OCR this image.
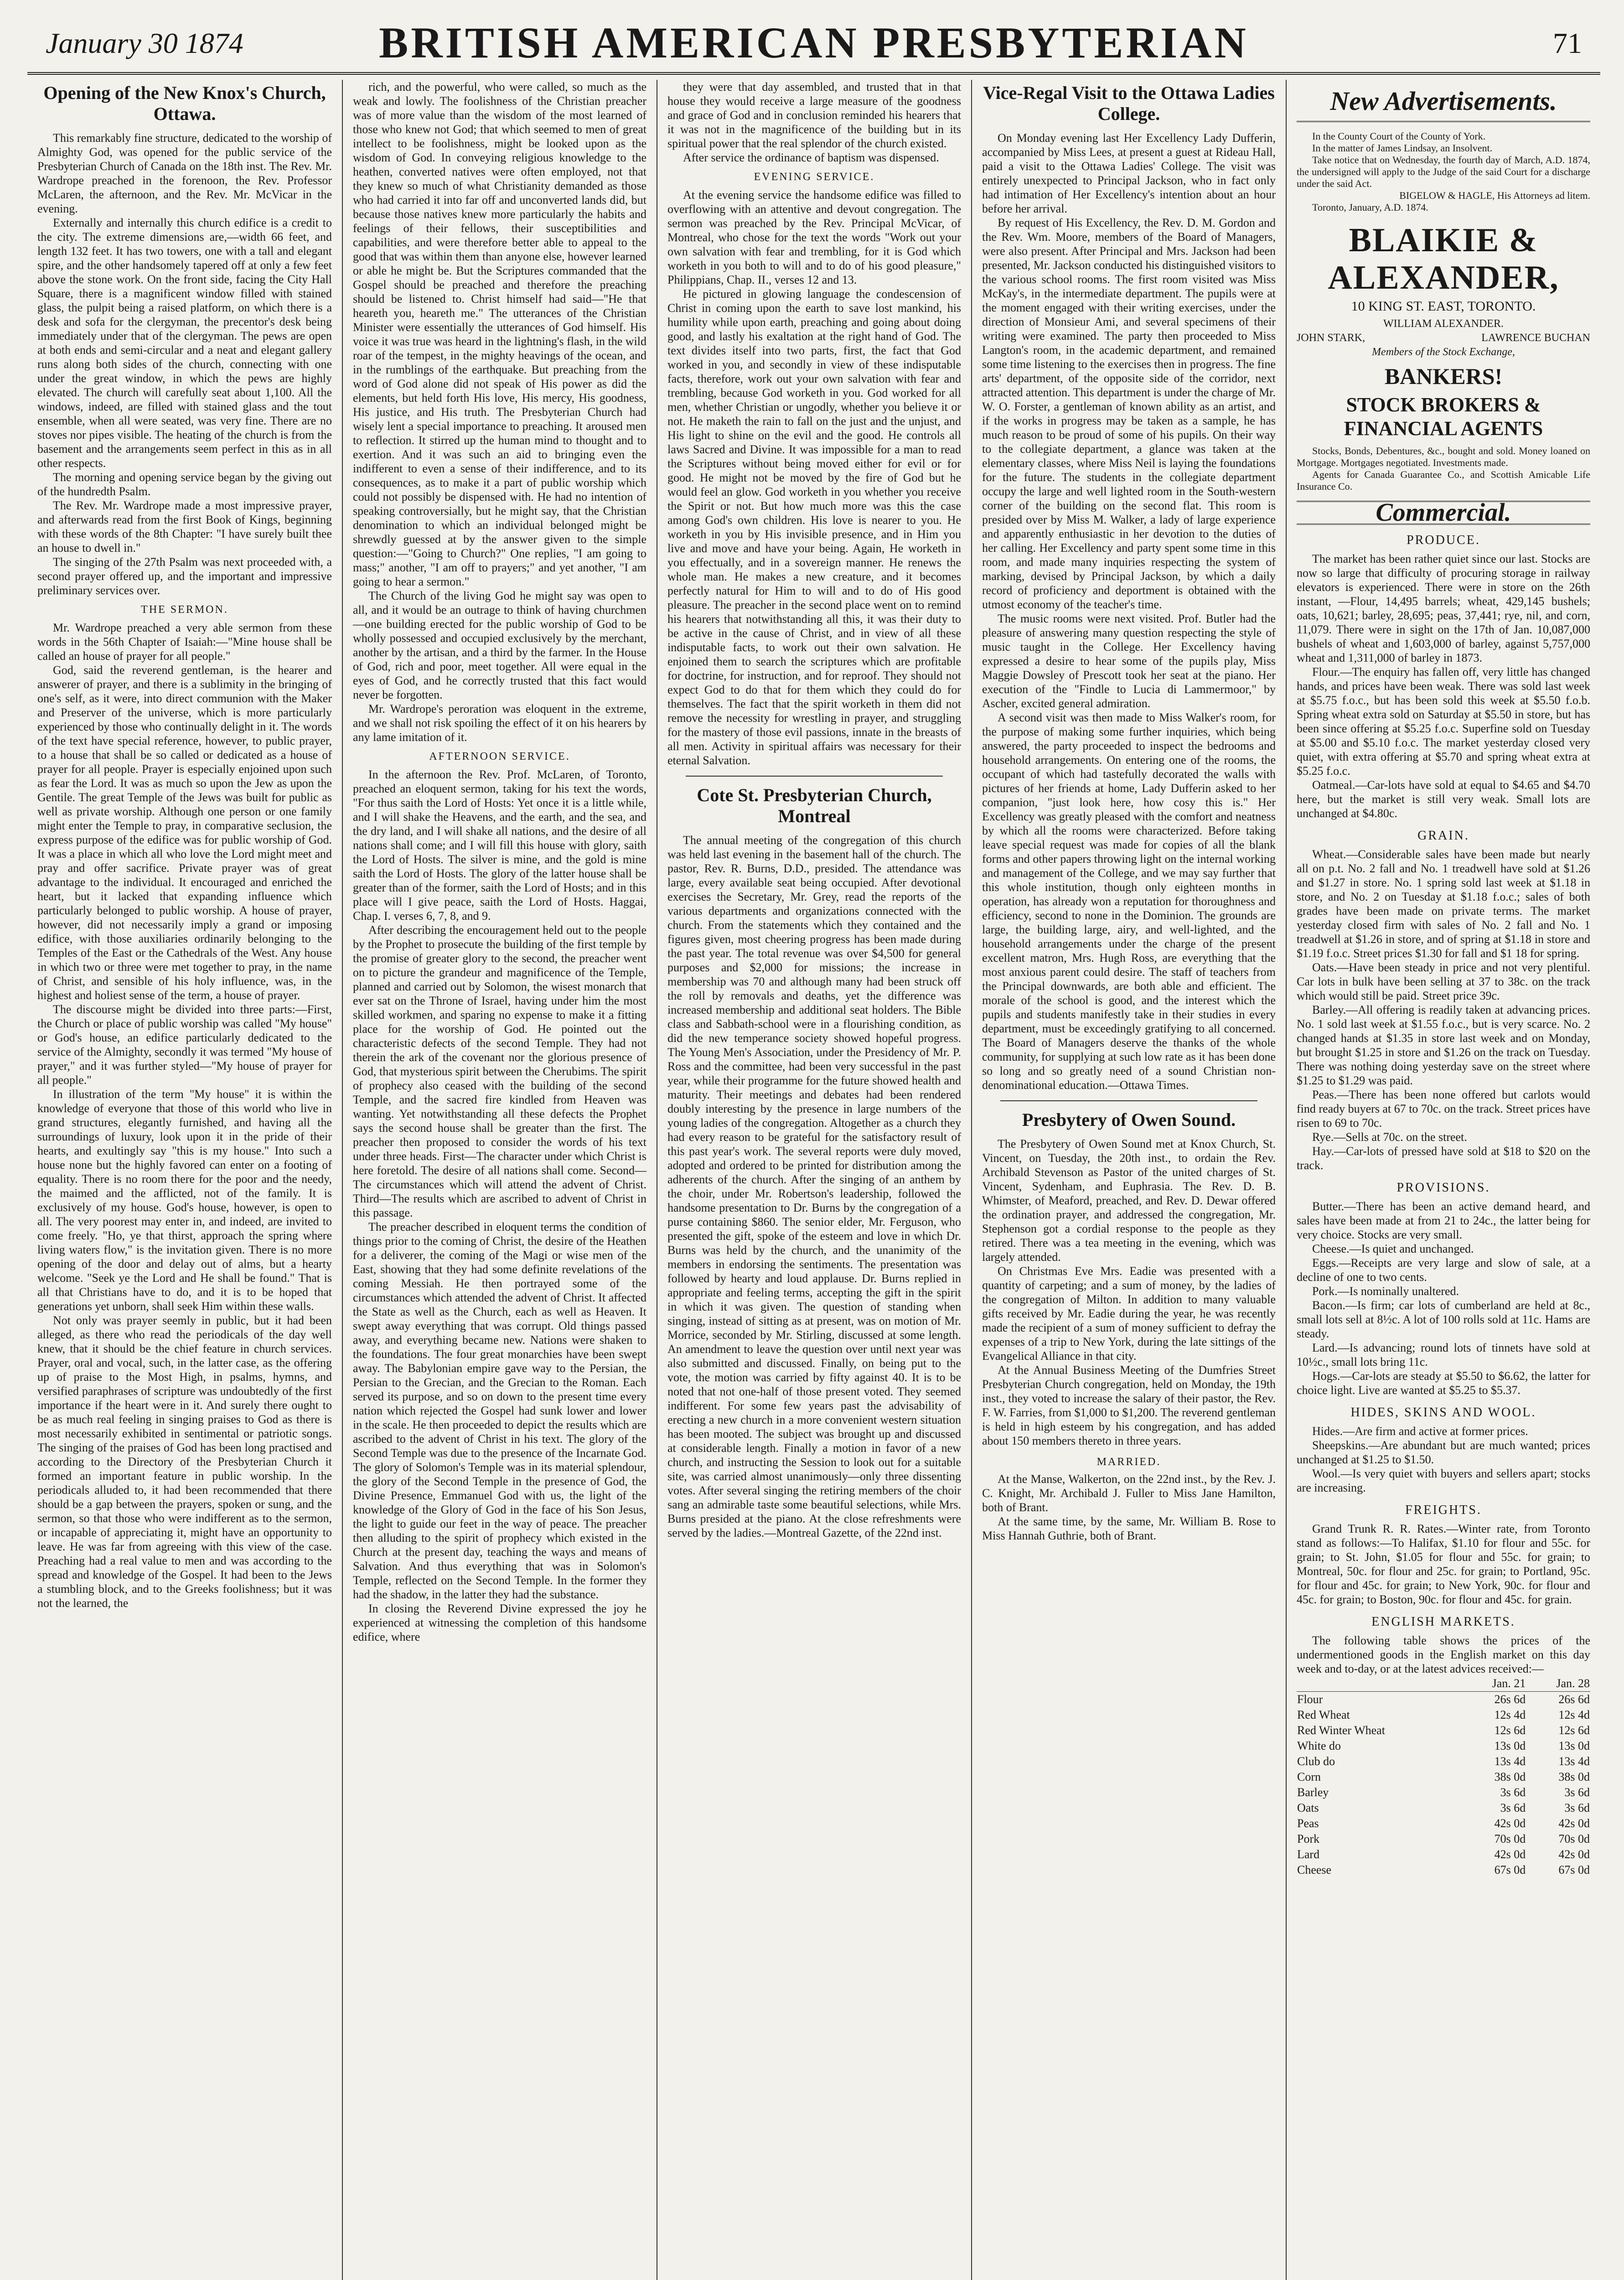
January 30 1874	BRITISH AMERICAN PRESBYTERIAN	71
Opening of the New Knox's Church, Ottawa.

This remarkably fine structure, dedicated to the worship of Almighty God, was opened for the public service of the Presbyterian Church of Canada on the 18th inst. The Rev. Mr. Wardrope preached in the forenoon, the Rev. Professor McLaren, the afternoon, and the Rev. Mr. McVicar in the evening.

Externally and internally this church edifice is a credit to the city. The extreme dimensions are,—width 66 feet, and length 132 feet. It has two towers, one with a tall and elegant spire, and the other handsomely tapered off at only a few feet above the stone work. On the front side, facing the City Hall Square, there is a magnificent window filled with stained glass, the pulpit being a raised platform, on which there is a desk and sofa for the clergyman, the precentor's desk being immediately under that of the clergyman. The pews are open at both ends and semi-circular and a neat and elegant gallery runs along both sides of the church, connecting with one under the great window, in which the pews are highly elevated. The church will carefully seat about 1,100. All the windows, indeed, are filled with stained glass and the tout ensemble, when all were seated, was very fine. There are no stoves nor pipes visible. The heating of the church is from the basement and the arrangements seem perfect in this as in all other respects.

The morning and opening service began by the giving out of the hundredth Psalm.

The Rev. Mr. Wardrope made a most impressive prayer, and afterwards read from the first Book of Kings, beginning with these words of the 8th Chapter: "I have surely built thee an house to dwell in."

The singing of the 27th Psalm was next proceeded with, a second prayer offered up, and the important and impressive preliminary services over.

THE SERMON.

Mr. Wardrope preached a very able sermon from these words in the 56th Chapter of Isaiah:—"Mine house shall be called an house of prayer for all people."

God, said the reverend gentleman, is the hearer and answerer of prayer, and there is a sublimity in the bringing of one's self, as it were, into direct communion with the Maker and Preserver of the universe, which is more particularly experienced by those who continually delight in it. The words of the text have special reference, however, to public prayer, to a house that shall be so called or dedicated as a house of prayer for all people. Prayer is especially enjoined upon such as fear the Lord. It was as much so upon the Jew as upon the Gentile. The great Temple of the Jews was built for public as well as private worship. Although one person or one family might enter the Temple to pray, in comparative seclusion, the express purpose of the edifice was for public worship of God. It was a place in which all who love the Lord might meet and pray and offer sacrifice. Private prayer was of great advantage to the individual. It encouraged and enriched the heart, but it lacked that expanding influence which particularly belonged to public worship. A house of prayer, however, did not necessarily imply a grand or imposing edifice, with those auxiliaries ordinarily belonging to the Temples of the East or the Cathedrals of the West. Any house in which two or three were met together to pray, in the name of Christ, and sensible of his holy influence, was, in the highest and holiest sense of the term, a house of prayer.

The discourse might be divided into three parts:—First, the Church or place of public worship was called "My house" or God's house, an edifice particularly dedicated to the service of the Almighty, secondly it was termed "My house of prayer," and it was further styled—"My house of prayer for all people."

In illustration of the term "My house" it is within the knowledge of everyone that those of this world who live in grand structures, elegantly furnished, and having all the surroundings of luxury, look upon it in the pride of their hearts, and exultingly say "this is my house." Into such a house none but the highly favored can enter on a footing of equality. There is no room there for the poor and the needy, the maimed and the afflicted, not of the family. It is exclusively of my house. God's house, however, is open to all. The very poorest may enter in, and indeed, are invited to come freely. "Ho, ye that thirst, approach the spring where living waters flow," is the invitation given. There is no more opening of the door and delay out of alms, but a hearty welcome. "Seek ye the Lord and He shall be found." That is all that Christians have to do, and it is to be hoped that generations yet unborn, shall seek Him within these walls.

Not only was prayer seemly in public, but it had been alleged, as there who read the periodicals of the day well knew, that it should be the chief feature in church services. Prayer, oral and vocal, such, in the latter case, as the offering up of praise to the Most High, in psalms, hymns, and versified paraphrases of scripture was undoubtedly of the first importance if the heart were in it. And surely there ought to be as much real feeling in singing praises to God as there is most necessarily exhibited in sentimental or patriotic songs. The singing of the praises of God has been long practised and according to the Directory of the Presbyterian Church it formed an important feature in public worship. In the periodicals alluded to, it had been recommended that there should be a gap between the prayers, spoken or sung, and the sermon, so that those who were indifferent as to the sermon, or incapable of appreciating it, might have an opportunity to leave. He was far from agreeing with this view of the case. Preaching had a real value to men and was according to the spread and knowledge of the Gospel. It had been to the Jews a stumbling block, and to the Greeks foolishness; but it was not the learned, the

rich, and the powerful, who were called, so much as the weak and lowly. The foolishness of the Christian preacher was of more value than the wisdom of the most learned of those who knew not God; that which seemed to men of great intellect to be foolishness, might be looked upon as the wisdom of God. In conveying religious knowledge to the heathen, converted natives were often employed, not that they knew so much of what Christianity demanded as those who had carried it into far off and unconverted lands did, but because those natives knew more particularly the habits and feelings of their fellows, their susceptibilities and capabilities, and were therefore better able to appeal to the good that was within them than anyone else, however learned or able he might be. But the Scriptures commanded that the Gospel should be preached and therefore the preaching should be listened to. Christ himself had said—"He that heareth you, heareth me." The utterances of the Christian Minister were essentially the utterances of God himself. His voice it was true was heard in the lightning's flash, in the wild roar of the tempest, in the mighty heavings of the ocean, and in the rumblings of the earthquake. But preaching from the word of God alone did not speak of His power as did the elements, but held forth His love, His mercy, His goodness, His justice, and His truth. The Presbyterian Church had wisely lent a special importance to preaching. It aroused men to reflection. It stirred up the human mind to thought and to exertion. And it was such an aid to bringing even the indifferent to even a sense of their indifference, and to its consequences, as to make it a part of public worship which could not possibly be dispensed with. He had no intention of speaking controversially, but he might say, that the Christian denomination to which an individual belonged might be shrewdly guessed at by the answer given to the simple question:—"Going to Church?" One replies, "I am going to mass;" another, "I am off to prayers;" and yet another, "I am going to hear a sermon."

The Church of the living God he might say was open to all, and it would be an outrage to think of having churchmen—one building erected for the public worship of God to be wholly possessed and occupied exclusively by the merchant, another by the artisan, and a third by the farmer. In the House of God, rich and poor, meet together. All were equal in the eyes of God, and he correctly trusted that this fact would never be forgotten.

Mr. Wardrope's peroration was eloquent in the extreme, and we shall not risk spoiling the effect of it on his hearers by any lame imitation of it.

AFTERNOON SERVICE.

In the afternoon the Rev. Prof. McLaren, of Toronto, preached an eloquent sermon, taking for his text the words, "For thus saith the Lord of Hosts: Yet once it is a little while, and I will shake the Heavens, and the earth, and the sea, and the dry land, and I will shake all nations, and the desire of all nations shall come; and I will fill this house with glory, saith the Lord of Hosts. The silver is mine, and the gold is mine saith the Lord of Hosts. The glory of the latter house shall be greater than of the former, saith the Lord of Hosts; and in this place will I give peace, saith the Lord of Hosts. Haggai, Chap. I. verses 6, 7, 8, and 9.

After describing the encouragement held out to the people by the Prophet to prosecute the building of the first temple by the promise of greater glory to the second, the preacher went on to picture the grandeur and magnificence of the Temple, planned and carried out by Solomon, the wisest monarch that ever sat on the Throne of Israel, having under him the most skilled workmen, and sparing no expense to make it a fitting place for the worship of God. He pointed out the characteristic defects of the second Temple. They had not therein the ark of the covenant nor the glorious presence of God, that mysterious spirit between the Cherubims. The spirit of prophecy also ceased with the building of the second Temple, and the sacred fire kindled from Heaven was wanting. Yet notwithstanding all these defects the Prophet says the second house shall be greater than the first. The preacher then proposed to consider the words of his text under three heads. First—The character under which Christ is here foretold. The desire of all nations shall come. Second—The circumstances which will attend the advent of Christ. Third—The results which are ascribed to advent of Christ in this passage.

The preacher described in eloquent terms the condition of things prior to the coming of Christ, the desire of the Heathen for a deliverer, the coming of the Magi or wise men of the East, showing that they had some definite revelations of the coming Messiah. He then portrayed some of the circumstances which attended the advent of Christ. It affected the State as well as the Church, each as well as Heaven. It swept away everything that was corrupt. Old things passed away, and everything became new. Nations were shaken to the foundations. The four great monarchies have been swept away. The Babylonian empire gave way to the Persian, the Persian to the Grecian, and the Grecian to the Roman. Each served its purpose, and so on down to the present time every nation which rejected the Gospel had sunk lower and lower in the scale. He then proceeded to depict the results which are ascribed to the advent of Christ in his text. The glory of the Second Temple was due to the presence of the Incarnate God. The glory of Solomon's Temple was in its material splendour, the glory of the Second Temple in the presence of God, the Divine Presence, Emmanuel God with us, the light of the knowledge of the Glory of God in the face of his Son Jesus, the light to guide our feet in the way of peace. The preacher then alluding to the spirit of prophecy which existed in the Church at the present day, teaching the ways and means of Salvation. And thus everything that was in Solomon's Temple, reflected on the Second Temple. In the former they had the shadow, in the latter they had the substance.

In closing the Reverend Divine expressed the joy he experienced at witnessing the completion of this handsome edifice, where

they were that day assembled, and trusted that in that house they would receive a large measure of the goodness and grace of God and in conclusion reminded his hearers that it was not in the magnificence of the building but in its spiritual power that the real splendor of the church existed.

After service the ordinance of baptism was dispensed.

EVENING SERVICE.

At the evening service the handsome edifice was filled to overflowing with an attentive and devout congregation. The sermon was preached by the Rev. Principal McVicar, of Montreal, who chose for the text the words "Work out your own salvation with fear and trembling, for it is God which worketh in you both to will and to do of his good pleasure," Philippians, Chap. II., verses 12 and 13.

He pictured in glowing language the condescension of Christ in coming upon the earth to save lost mankind, his humility while upon earth, preaching and going about doing good, and lastly his exaltation at the right hand of God. The text divides itself into two parts, first, the fact that God worked in you, and secondly in view of these indisputable facts, therefore, work out your own salvation with fear and trembling, because God worketh in you. God worked for all men, whether Christian or ungodly, whether you believe it or not. He maketh the rain to fall on the just and the unjust, and His light to shine on the evil and the good. He controls all laws Sacred and Divine. It was impossible for a man to read the Scriptures without being moved either for evil or for good. He might not be moved by the fire of God but he would feel an glow. God worketh in you whether you receive the Spirit or not. But how much more was this the case among God's own children. His love is nearer to you. He worketh in you by His invisible presence, and in Him you live and move and have your being. Again, He worketh in you effectually, and in a sovereign manner. He renews the whole man. He makes a new creature, and it becomes perfectly natural for Him to will and to do of His good pleasure. The preacher in the second place went on to remind his hearers that notwithstanding all this, it was their duty to be active in the cause of Christ, and in view of all these indisputable facts, to work out their own salvation. He enjoined them to search the scriptures which are profitable for doctrine, for instruction, and for reproof. They should not expect God to do that for them which they could do for themselves. The fact that the spirit worketh in them did not remove the necessity for wrestling in prayer, and struggling for the mastery of those evil passions, innate in the breasts of all men. Activity in spiritual affairs was necessary for their eternal Salvation.

Cote St. Presbyterian Church, Montreal

The annual meeting of the congregation of this church was held last evening in the basement hall of the church. The pastor, Rev. R. Burns, D.D., presided. The attendance was large, every available seat being occupied. After devotional exercises the Secretary, Mr. Grey, read the reports of the various departments and organizations connected with the church. From the statements which they contained and the figures given, most cheering progress has been made during the past year. The total revenue was over $4,500 for general purposes and $2,000 for missions; the increase in membership was 70 and although many had been struck off the roll by removals and deaths, yet the difference was increased membership and additional seat holders. The Bible class and Sabbath-school were in a flourishing condition, as did the new temperance society showed hopeful progress. The Young Men's Association, under the Presidency of Mr. P. Ross and the committee, had been very successful in the past year, while their programme for the future showed health and maturity. Their meetings and debates had been rendered doubly interesting by the presence in large numbers of the young ladies of the congregation. Altogether as a church they had every reason to be grateful for the satisfactory result of this past year's work. The several reports were duly moved, adopted and ordered to be printed for distribution among the adherents of the church. After the singing of an anthem by the choir, under Mr. Robertson's leadership, followed the handsome presentation to Dr. Burns by the congregation of a purse containing $860. The senior elder, Mr. Ferguson, who presented the gift, spoke of the esteem and love in which Dr. Burns was held by the church, and the unanimity of the members in endorsing the sentiments. The presentation was followed by hearty and loud applause. Dr. Burns replied in appropriate and feeling terms, accepting the gift in the spirit in which it was given. The question of standing when singing, instead of sitting as at present, was on motion of Mr. Morrice, seconded by Mr. Stirling, discussed at some length. An amendment to leave the question over until next year was also submitted and discussed. Finally, on being put to the vote, the motion was carried by fifty against 40. It is to be noted that not one-half of those present voted. They seemed indifferent. For some few years past the advisability of erecting a new church in a more convenient western situation has been mooted. The subject was brought up and discussed at considerable length. Finally a motion in favor of a new church, and instructing the Session to look out for a suitable site, was carried almost unanimously—only three dissenting votes. After several singing the retiring members of the choir sang an admirable taste some beautiful selections, while Mrs. Burns presided at the piano. At the close refreshments were served by the ladies.—Montreal Gazette, of the 22nd inst.

Vice-Regal Visit to the Ottawa Ladies College.

On Monday evening last Her Excellency Lady Dufferin, accompanied by Miss Lees, at present a guest at Rideau Hall, paid a visit to the Ottawa Ladies' College. The visit was entirely unexpected to Principal Jackson, who in fact only had intimation of Her Excellency's intention about an hour before her arrival.

By request of His Excellency, the Rev. D. M. Gordon and the Rev. Wm. Moore, members of the Board of Managers, were also present. After Principal and Mrs. Jackson had been presented, Mr. Jackson conducted his distinguished visitors to the various school rooms. The first room visited was Miss McKay's, in the intermediate department. The pupils were at the moment engaged with their writing exercises, under the direction of Monsieur Ami, and several specimens of their writing were examined. The party then proceeded to Miss Langton's room, in the academic department, and remained some time listening to the exercises then in progress. The fine arts' department, of the opposite side of the corridor, next attracted attention. This department is under the charge of Mr. W. O. Forster, a gentleman of known ability as an artist, and if the works in progress may be taken as a sample, he has much reason to be proud of some of his pupils. On their way to the collegiate department, a glance was taken at the elementary classes, where Miss Neil is laying the foundations for the future. The students in the collegiate department occupy the large and well lighted room in the South-western corner of the building on the second flat. This room is presided over by Miss M. Walker, a lady of large experience and apparently enthusiastic in her devotion to the duties of her calling. Her Excellency and party spent some time in this room, and made many inquiries respecting the system of marking, devised by Principal Jackson, by which a daily record of proficiency and deportment is obtained with the utmost economy of the teacher's time.

The music rooms were next visited. Prof. Butler had the pleasure of answering many question respecting the style of music taught in the College. Her Excellency having expressed a desire to hear some of the pupils play, Miss Maggie Dowsley of Prescott took her seat at the piano. Her execution of the "Findle to Lucia di Lammermoor," by Ascher, excited general admiration.

A second visit was then made to Miss Walker's room, for the purpose of making some further inquiries, which being answered, the party proceeded to inspect the bedrooms and household arrangements. On entering one of the rooms, the occupant of which had tastefully decorated the walls with pictures of her friends at home, Lady Dufferin asked to her companion, "just look here, how cosy this is." Her Excellency was greatly pleased with the comfort and neatness by which all the rooms were characterized. Before taking leave special request was made for copies of all the blank forms and other papers throwing light on the internal working and management of the College, and we may say further that this whole institution, though only eighteen months in operation, has already won a reputation for thoroughness and efficiency, second to none in the Dominion. The grounds are large, the building large, airy, and well-lighted, and the household arrangements under the charge of the present excellent matron, Mrs. Hugh Ross, are everything that the most anxious parent could desire. The staff of teachers from the Principal downwards, are both able and efficient. The morale of the school is good, and the interest which the pupils and students manifestly take in their studies in every department, must be exceedingly gratifying to all concerned. The Board of Managers deserve the thanks of the whole community, for supplying at such low rate as it has been done so long and so greatly need of a sound Christian non-denominational education.—Ottawa Times.

Presbytery of Owen Sound.

The Presbytery of Owen Sound met at Knox Church, St. Vincent, on Tuesday, the 20th inst., to ordain the Rev. Archibald Stevenson as Pastor of the united charges of St. Vincent, Sydenham, and Euphrasia. The Rev. D. B. Whimster, of Meaford, preached, and Rev. D. Dewar offered the ordination prayer, and addressed the congregation, Mr. Stephenson got a cordial response to the people as they retired. There was a tea meeting in the evening, which was largely attended.

On Christmas Eve Mrs. Eadie was presented with a quantity of carpeting; and a sum of money, by the ladies of the congregation of Milton. In addition to many valuable gifts received by Mr. Eadie during the year, he was recently made the recipient of a sum of money sufficient to defray the expenses of a trip to New York, during the late sittings of the Evangelical Alliance in that city.

At the Annual Business Meeting of the Dumfries Street Presbyterian Church congregation, held on Monday, the 19th inst., they voted to increase the salary of their pastor, the Rev. F. W. Farries, from $1,000 to $1,200. The reverend gentleman is held in high esteem by his congregation, and has added about 150 members thereto in three years.

MARRIED.

At the Manse, Walkerton, on the 22nd inst., by the Rev. J. C. Knight, Mr. Archibald J. Fuller to Miss Jane Hamilton, both of Brant.

At the same time, by the same, Mr. William B. Rose to Miss Hannah Guthrie, both of Brant.

New Advertisements.

In the County Court of the County of York.

In the matter of James Lindsay, an Insolvent.

Take notice that on Wednesday, the fourth day of March, A.D. 1874, the undersigned will apply to the Judge of the said Court for a discharge under the said Act.

BIGELOW & HAGLE, His Attorneys ad litem.

Toronto, January, A.D. 1874.

BLAIKIE & ALEXANDER,
10 KING ST. EAST, TORONTO.
WILLIAM ALEXANDER.
JOHN STARK,	LAWRENCE BUCHAN
Members of the Stock Exchange,
BANKERS!
STOCK BROKERS & FINANCIAL AGENTS

Stocks, Bonds, Debentures, &c., bought and sold. Money loaned on Mortgage. Mortgages negotiated. Investments made.

Agents for Canada Guarantee Co., and Scottish Amicable Life Insurance Co.

Commercial.
PRODUCE.

The market has been rather quiet since our last. Stocks are now so large that difficulty of procuring storage in railway elevators is experienced. There were in store on the 26th instant, —Flour, 14,495 barrels; wheat, 429,145 bushels; oats, 10,621; barley, 28,695; peas, 37,441; rye, nil, and corn, 11,079. There were in sight on the 17th of Jan. 10,087,000 bushels of wheat and 1,603,000 of barley, against 5,757,000 wheat and 1,311,000 of barley in 1873.

Flour.—The enquiry has fallen off, very little has changed hands, and prices have been weak. There was sold last week at $5.75 f.o.c., but has been sold this week at $5.50 f.o.b. Spring wheat extra sold on Saturday at $5.50 in store, but has been since offering at $5.25 f.o.c. Superfine sold on Tuesday at $5.00 and $5.10 f.o.c. The market yesterday closed very quiet, with extra offering at $5.70 and spring wheat extra at $5.25 f.o.c.

Oatmeal.—Car-lots have sold at equal to $4.65 and $4.70 here, but the market is still very weak. Small lots are unchanged at $4.80c.

GRAIN.

Wheat.—Considerable sales have been made but nearly all on p.t. No. 2 fall and No. 1 treadwell have sold at $1.26 and $1.27 in store. No. 1 spring sold last week at $1.18 in store, and No. 2 on Tuesday at $1.18 f.o.c.; sales of both grades have been made on private terms. The market yesterday closed firm with sales of No. 2 fall and No. 1 treadwell at $1.26 in store, and of spring at $1.18 in store and $1.19 f.o.c. Street prices $1.30 for fall and $1 18 for spring.

Oats.—Have been steady in price and not very plentiful. Car lots in bulk have been selling at 37 to 38c. on the track which would still be paid. Street price 39c.

Barley.—All offering is readily taken at advancing prices. No. 1 sold last week at $1.55 f.o.c., but is very scarce. No. 2 changed hands at $1.35 in store last week and on Monday, but brought $1.25 in store and $1.26 on the track on Tuesday. There was nothing doing yesterday save on the street where $1.25 to $1.29 was paid.

Peas.—There has been none offered but carlots would find ready buyers at 67 to 70c. on the track. Street prices have risen to 69 to 70c.

Rye.—Sells at 70c. on the street.

Hay.—Car-lots of pressed have sold at $18 to $20 on the track.

PROVISIONS.

Butter.—There has been an active demand heard, and sales have been made at from 21 to 24c., the latter being for very choice. Stocks are very small.

Cheese.—Is quiet and unchanged.

Eggs.—Receipts are very large and slow of sale, at a decline of one to two cents.

Pork.—Is nominally unaltered.

Bacon.—Is firm; car lots of cumberland are held at 8c., small lots sell at 8½c. A lot of 100 rolls sold at 11c. Hams are steady.

Lard.—Is advancing; round lots of tinnets have sold at 10½c., small lots bring 11c.

Hogs.—Car-lots are steady at $5.50 to $6.62, the latter for choice light. Live are wanted at $5.25 to $5.37.

HIDES, SKINS AND WOOL.

Hides.—Are firm and active at former prices.

Sheepskins.—Are abundant but are much wanted; prices unchanged at $1.25 to $1.50.

Wool.—Is very quiet with buyers and sellers apart; stocks are increasing.

FREIGHTS.

Grand Trunk R. R. Rates.—Winter rate, from Toronto stand as follows:—To Halifax, $1.10 for flour and 55c. for grain; to St. John, $1.05 for flour and 55c. for grain; to Montreal, 50c. for flour and 25c. for grain; to Portland, 95c. for flour and 45c. for grain; to New York, 90c. for flour and 45c. for grain; to Boston, 90c. for flour and 45c. for grain.

ENGLISH MARKETS.

The following table shows the prices of the undermentioned goods in the English market on this day week and to-day, or at the latest advices received:—

	Jan. 21	Jan. 28
Flour	26s 6d	26s 6d
Red Wheat	12s 4d	12s 4d
Red Winter Wheat	12s 6d	12s 6d
White do	13s 0d	13s 0d
Club do	13s 4d	13s 4d
Corn	38s 0d	38s 0d
Barley	3s 6d	3s 6d
Oats	3s 6d	3s 6d
Peas	42s 0d	42s 0d
Pork	70s 0d	70s 0d
Lard	42s 0d	42s 0d
Cheese	67s 0d	67s 0d
